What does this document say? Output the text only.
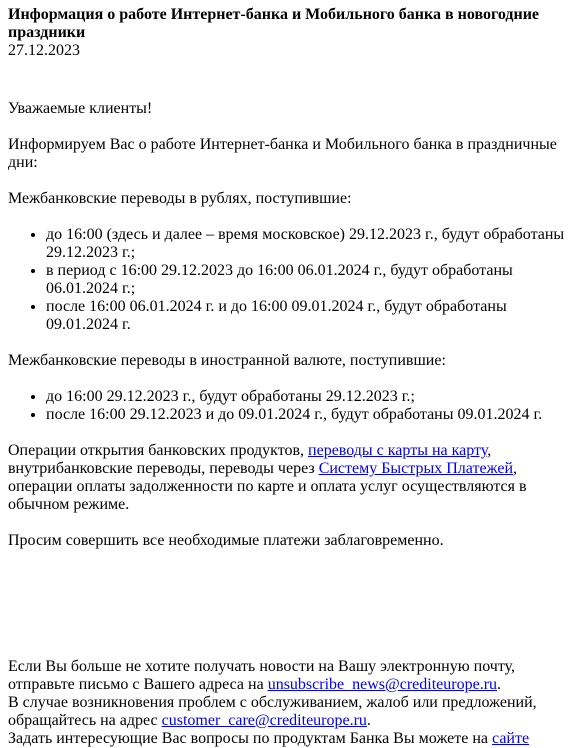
Информация о работе Интернет-банка и Мобильного банка в новогодние праздники
27.12.2023

Уважаемые клиенты!

Информируем Вас о работе Интернет-банка и Мобильного банка в праздничные дни:

Межбанковские переводы в рублях, поступившие:

• до 16:00 (здесь и далее – время московское) 29.12.2023 г., будут обработаны 29.12.2023 г.;
• в период с 16:00 29.12.2023 до 16:00 06.01.2024 г., будут обработаны 06.01.2024 г.;
• после 16:00 06.01.2024 г. и до 16:00 09.01.2024 г., будут обработаны 09.01.2024 г.

Межбанковские переводы в иностранной валюте, поступившие:

• до 16:00 29.12.2023 г., будут обработаны 29.12.2023 г.;
• после 16:00 29.12.2023 и до 09.01.2024 г., будут обработаны 09.01.2024 г.

Операции открытия банковских продуктов, переводы с карты на карту, внутрибанковские переводы, переводы через Систему Быстрых Платежей, операции оплаты задолженности по карте и оплата услуг осуществляются в обычном режиме.

Просим совершить все необходимые платежи заблаговременно.

Если Вы больше не хотите получать новости на Вашу электронную почту, отправьте письмо с Вашего адреса на unsubscribe_news@crediteurope.ru.

В случае возникновения проблем с обслуживанием, жалоб или предложений, обращайтесь на адрес customer_care@crediteurope.ru.

Задать интересующие Вас вопросы по продуктам Банка Вы можете на сайте
